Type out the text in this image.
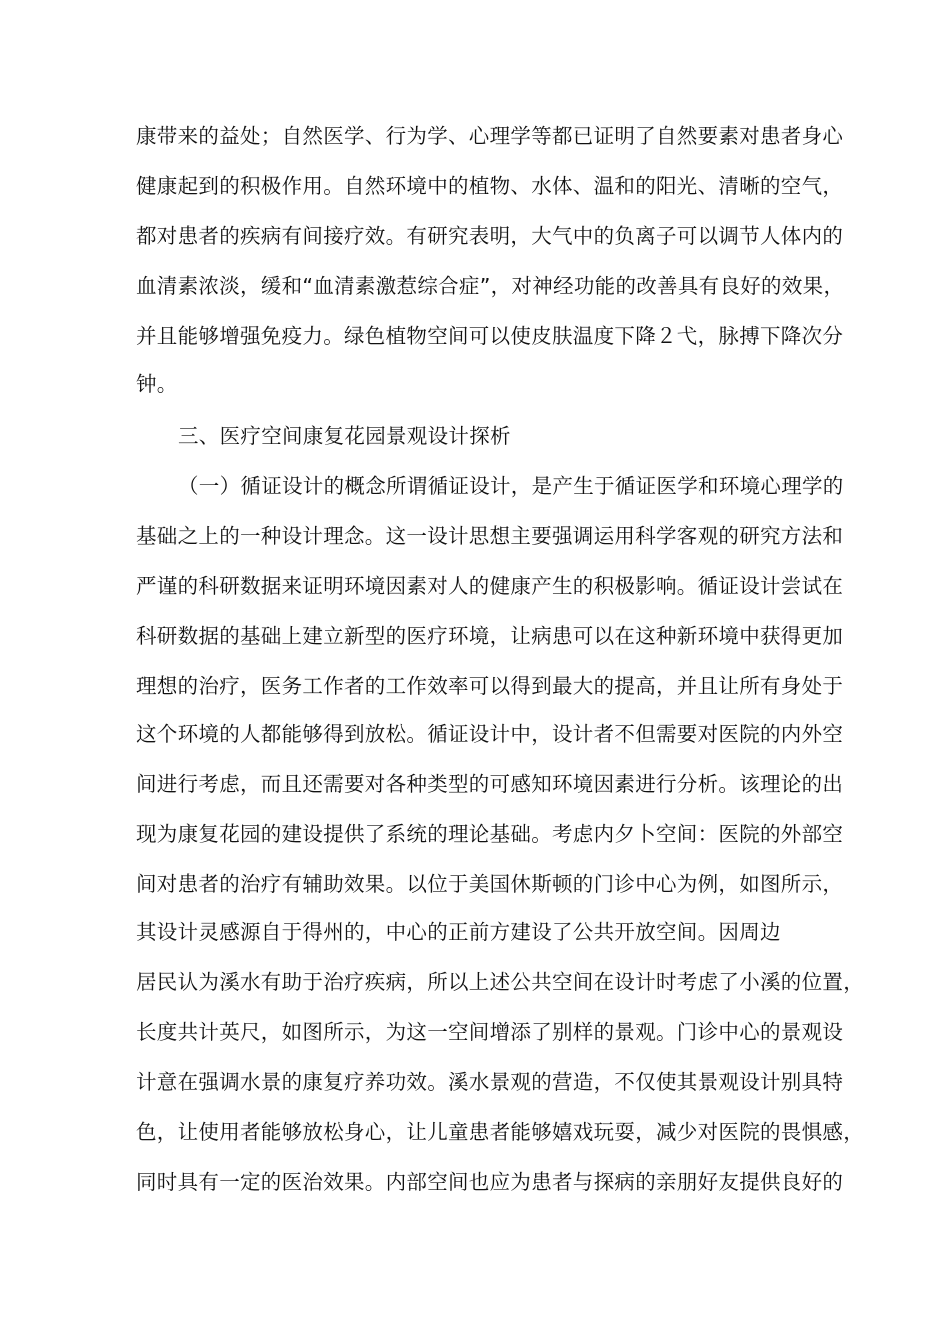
康带来的益处；自然医学、行为学、心理学等都已证明了自然要素对患者身心
健康起到的积极作用。自然环境中的植物、水体、温和的阳光、清晰的空气，
都对患者的疾病有间接疗效。有研究表明，大气中的负离子可以调节人体内的
血清素浓淡，缓和“血清素激惹综合症”，对神经功能的改善具有良好的效果，
并且能够增强免疫力。绿色植物空间可以使皮肤温度下降２弋，脉搏下降次分
钟。
三、医疗空间康复花园景观设计探析
（一）循证设计的概念所谓循证设计，是产生于循证医学和环境心理学的
基础之上的一种设计理念。这一设计思想主要强调运用科学客观的研究方法和
严谨的科研数据来证明环境因素对人的健康产生的积极影响。循证设计尝试在
科研数据的基础上建立新型的医疗环境，让病患可以在这种新环境中获得更加
理想的治疗，医务工作者的工作效率可以得到最大的提高，并且让所有身处于
这个环境的人都能够得到放松。循证设计中，设计者不但需要对医院的内外空
间进行考虑，而且还需要对各种类型的可感知环境因素进行分析。该理论的出
现为康复花园的建设提供了系统的理论基础。考虑内夕卜空间：医院的外部空
间对患者的治疗有辅助效果。以位于美国休斯顿的门诊中心为例，如图所示，
其设计灵感源自于得州的，中心的正前方建设了公共开放空间。因周边
居民认为溪水有助于治疗疾病，所以上述公共空间在设计时考虑了小溪的位置，
长度共计英尺，如图所示，为这一空间增添了别样的景观。门诊中心的景观设
计意在强调水景的康复疗养功效。溪水景观的营造，不仅使其景观设计别具特
色，让使用者能够放松身心，让儿童患者能够嬉戏玩耍，减少对医院的畏惧感，
同时具有一定的医治效果。内部空间也应为患者与探病的亲朋好友提供良好的
